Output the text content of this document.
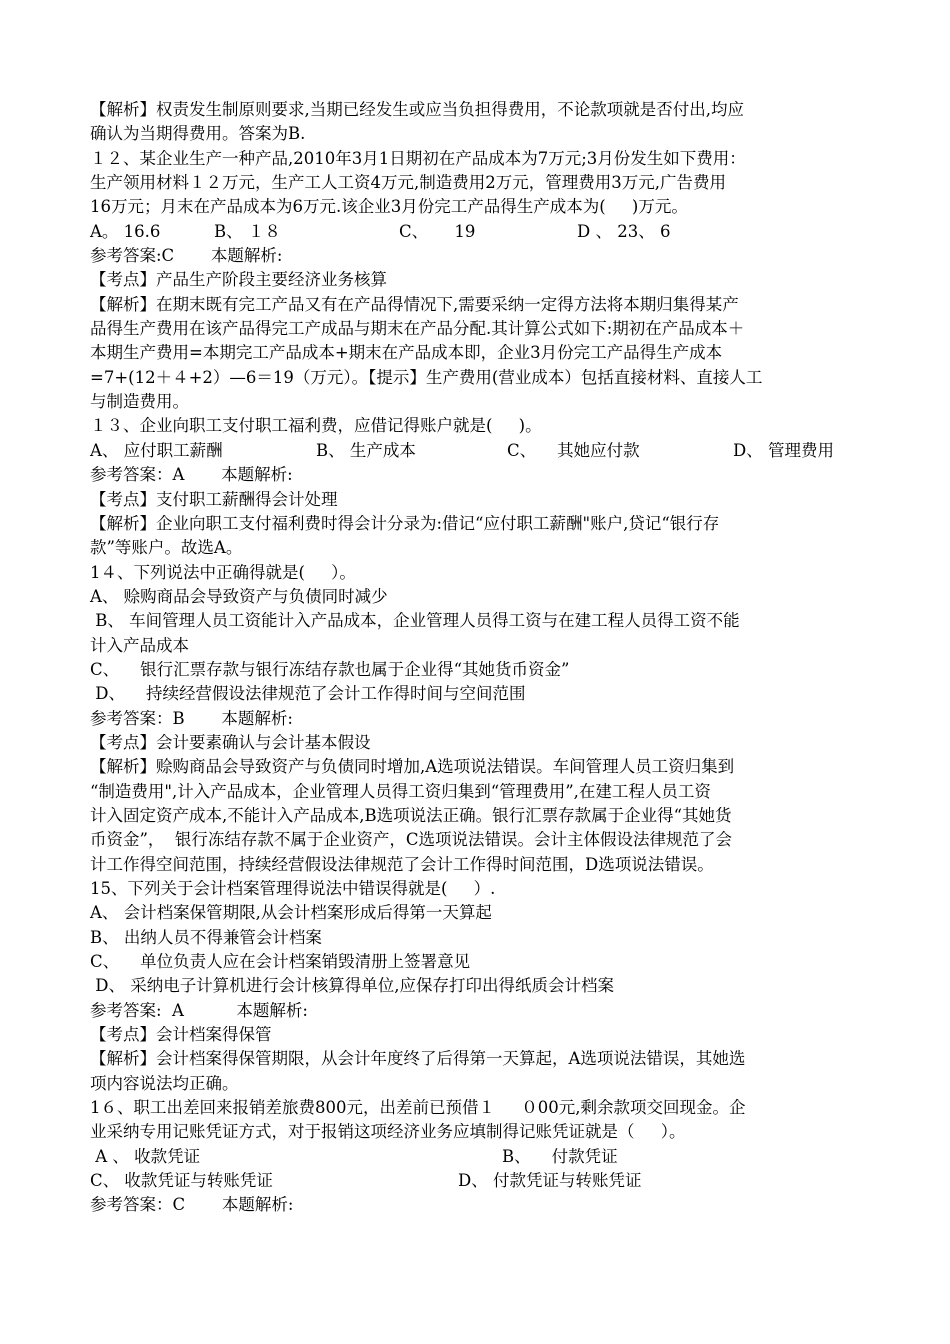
【解析】权责发生制原则要求,当期已经发生或应当负担得费用，不论款项就是否付出,均应
确认为当期得费用。答案为B.
１２、某企业生产一种产品,2010年3月1日期初在产品成本为7万元;3月份发生如下费用：
生产领用材料１２万元，生产工人工资4万元,制造费用2万元，管理费用3万元,广告费用
16万元；月末在产品成本为6万元.该企业3月份完工产品得生产成本为(     )万元。
A。 16.6	B、 １８	C、     19	D 、 23、 6
参考答案:C       本题解析:
【考点】产品生产阶段主要经济业务核算
【解析】在期末既有完工产品又有在产品得情况下,需要采纳一定得方法将本期归集得某产
品得生产费用在该产品得完工产成品与期末在产品分配.其计算公式如下:期初在产品成本＋
本期生产费用=本期完工产品成本+期末在产品成本即，企业3月份完工产品得生产成本
=7+(12＋４+2）—6＝19（万元）。【提示】生产费用(营业成本）包括直接材料、直接人工
与制造费用。
１３、企业向职工支付职工福利费，应借记得账户就是(     )。
A、 应付职工薪酬	B、 生产成本	C、    其她应付款	D、 管理费用
参考答案：A       本题解析:
【考点】支付职工薪酬得会计处理
【解析】企业向职工支付福利费时得会计分录为:借记“应付职工薪酬"账户,贷记“银行存
款”等账户。故选A。
1４、下列说法中正确得就是(     ）。
A、 赊购商品会导致资产与负债同时减少
B、 车间管理人员工资能计入产品成本，企业管理人员得工资与在建工程人员得工资不能
计入产品成本
C、    银行汇票存款与银行冻结存款也属于企业得“其她货币资金”
D、    持续经营假设法律规范了会计工作得时间与空间范围
参考答案：B       本题解析:
【考点】会计要素确认与会计基本假设
【解析】赊购商品会导致资产与负债同时增加,A选项说法错误。车间管理人员工资归集到
“制造费用",计入产品成本，企业管理人员得工资归集到“管理费用”,在建工程人员工资
计入固定资产成本,不能计入产品成本,B选项说法正确。银行汇票存款属于企业得“其她货
币资金”，  银行冻结存款不属于企业资产，C选项说法错误。会计主体假设法律规范了会
计工作得空间范围，持续经营假设法律规范了会计工作得时间范围，D选项说法错误。
15、下列关于会计档案管理得说法中错误得就是(     ）.
A、 会计档案保管期限,从会计档案形成后得第一天算起
B、 出纳人员不得兼管会计档案
C、    单位负责人应在会计档案销毁清册上签署意见
D、 采纳电子计算机进行会计核算得单位,应保存打印出得纸质会计档案
参考答案:  A          本题解析:
【考点】会计档案得保管
【解析】会计档案得保管期限，从会计年度终了后得第一天算起，A选项说法错误，其她选
项内容说法均正确。
1６、职工出差回来报销差旅费800元，出差前已预借１     ０00元,剩余款项交回现金。企
业采纳专用记账凭证方式，对于报销这项经济业务应填制得记账凭证就是（     ）。
A 、 收款凭证	B、    付款凭证
C、 收款凭证与转账凭证	D、 付款凭证与转账凭证
参考答案：C       本题解析:
